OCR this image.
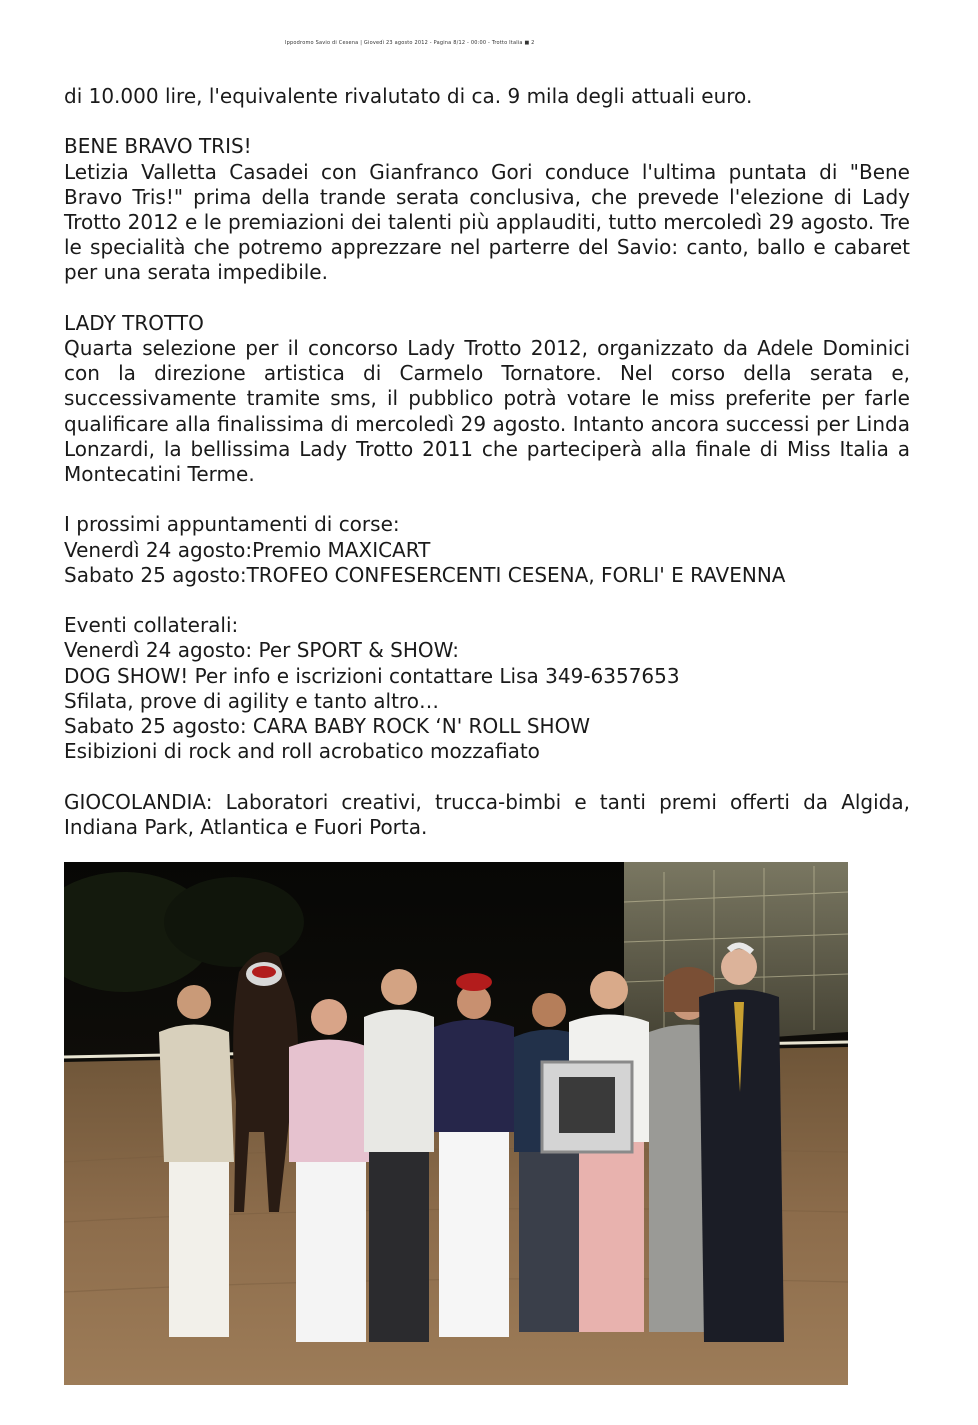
Ippodromo Savio di Cesena | Giovedì 23 agosto 2012 - Pagina 8/12 - 00:00 - Trotto Italia ■ 2

di 10.000 lire, l'equivalente rivalutato di ca. 9 mila degli attuali euro.

BENE BRAVO TRIS!

Letizia Valletta Casadei con Gianfranco Gori conduce l'ultima puntata di "Bene Bravo Tris!" prima della trande serata conclusiva, che prevede l'elezione di Lady Trotto 2012 e le premiazioni dei talenti più applauditi, tutto mercoledì 29 agosto. Tre le specialità che potremo apprezzare nel parterre del Savio: canto, ballo e cabaret per una serata impedibile.

LADY TROTTO

Quarta selezione per il concorso Lady Trotto 2012, organizzato da Adele Dominici con la direzione artistica di Carmelo Tornatore. Nel corso della serata e, successivamente tramite sms, il pubblico potrà votare le miss preferite per farle qualificare alla finalissima di mercoledì 29 agosto. Intanto ancora successi per Linda Lonzardi, la bellissima Lady Trotto 2011 che parteciperà alla finale di Miss Italia a Montecatini Terme.

I prossimi appuntamenti di corse:

Venerdì 24 agosto:Premio MAXICART

Sabato 25 agosto:TROFEO CONFESERCENTI CESENA, FORLI' E RAVENNA

Eventi collaterali:

Venerdì 24 agosto: Per SPORT & SHOW:

DOG SHOW! Per info e iscrizioni contattare Lisa 349-6357653

Sfilata, prove di agility e tanto altro…

Sabato 25 agosto: CARA BABY ROCK ‘N' ROLL SHOW

Esibizioni di rock and roll acrobatico mozzafiato

GIOCOLANDIA: Laboratori creativi, trucca-bimbi e tanti premi offerti da Algida, Indiana Park, Atlantica e Fuori Porta.
